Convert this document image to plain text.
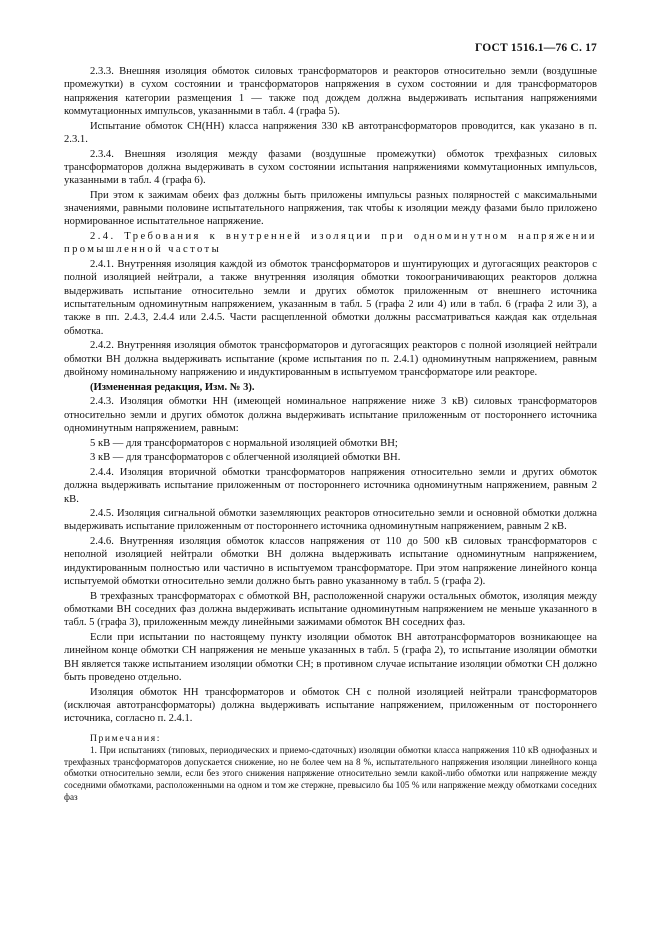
ГОСТ 1516.1—76 С. 17

2.3.3. Внешняя изоляция обмоток силовых трансформаторов и реакторов относительно земли (воздушные промежутки) в сухом состоянии и трансформаторов напряжения в сухом состоянии и для трансформаторов напряжения категории размещения 1 — также под дождем должна выдерживать испытания напряжениями коммутационных импульсов, указанными в табл. 4 (графа 5).

Испытание обмоток СН(НН) класса напряжения 330 кВ автотрансформаторов проводится, как указано в п. 2.3.1.

2.3.4. Внешняя изоляция между фазами (воздушные промежутки) обмоток трехфазных силовых трансформаторов должна выдерживать в сухом состоянии испытания напряжениями коммутационных импульсов, указанными в табл. 4 (графа 6).

При этом к зажимам обеих фаз должны быть приложены импульсы разных полярностей с максимальными значениями, равными половине испытательного напряжения, так чтобы к изоляции между фазами было приложено нормированное испытательное напряжение.

2.4. Требования к внутренней изоляции при одноминутном напряжении промышленной частоты

2.4.1. Внутренняя изоляция каждой из обмоток трансформаторов и шунтирующих и дугогасящих реакторов с полной изоляцией нейтрали, а также внутренняя изоляция обмотки токоограничивающих реакторов должна выдерживать испытание относительно земли и других обмоток приложенным от внешнего источника испытательным одноминутным напряжением, указанным в табл. 5 (графа 2 или 4) или в табл. 6 (графа 2 или 3), а также в пп. 2.4.3, 2.4.4 или 2.4.5. Части расщепленной обмотки должны рассматриваться каждая как отдельная обмотка.

2.4.2. Внутренняя изоляция обмоток трансформаторов и дугогасящих реакторов с полной изоляцией нейтрали обмотки ВН должна выдерживать испытание (кроме испытания по п. 2.4.1) одноминутным напряжением, равным двойному номинальному напряжению и индуктированным в испытуемом трансформаторе или реакторе.

(Измененная редакция, Изм. № 3).

2.4.3. Изоляция обмотки НН (имеющей номинальное напряжение ниже 3 кВ) силовых трансформаторов относительно земли и других обмоток должна выдерживать испытание приложенным от постороннего источника одноминутным напряжением, равным:

5 кВ — для трансформаторов с нормальной изоляцией обмотки ВН;

3 кВ — для трансформаторов с облегченной изоляцией обмотки ВН.

2.4.4. Изоляция вторичной обмотки трансформаторов напряжения относительно земли и других обмоток должна выдерживать испытание приложенным от постороннего источника одноминутным напряжением, равным 2 кВ.

2.4.5. Изоляция сигнальной обмотки заземляющих реакторов относительно земли и основной обмотки должна выдерживать испытание приложенным от постороннего источника одноминутным напряжением, равным 2 кВ.

2.4.6. Внутренняя изоляция обмоток классов напряжения от 110 до 500 кВ силовых трансформаторов с неполной изоляцией нейтрали обмотки ВН должна выдерживать испытание одноминутным напряжением, индуктированным полностью или частично в испытуемом трансформаторе. При этом напряжение линейного конца испытуемой обмотки относительно земли должно быть равно указанному в табл. 5 (графа 2).

В трехфазных трансформаторах с обмоткой ВН, расположенной снаружи остальных обмоток, изоляция между обмотками ВН соседних фаз должна выдерживать испытание одноминутным напряжением не меньше указанного в табл. 5 (графа 3), приложенным между линейными зажимами обмоток ВН соседних фаз.

Если при испытании по настоящему пункту изоляции обмоток ВН автотрансформаторов возникающее на линейном конце обмотки СН напряжения не меньше указанных в табл. 5 (графа 2), то испытание изоляции обмотки ВН является также испытанием изоляции обмотки СН; в противном случае испытание изоляции обмотки СН должно быть проведено отдельно.

Изоляция обмоток НН трансформаторов и обмоток СН с полной изоляцией нейтрали трансформаторов (исключая автотрансформаторы) должна выдерживать испытание напряжением, приложенным от постороннего источника, согласно п. 2.4.1.

Примечания:

1. При испытаниях (типовых, периодических и приемо-сдаточных) изоляции обмотки класса напряжения 110 кВ однофазных и трехфазных трансформаторов допускается снижение, но не более чем на 8 %, испытательного напряжения изоляции линейного конца обмотки относительно земли, если без этого снижения напряжение относительно земли какой-либо обмотки или напряжение между соседними обмотками, расположенными на одном и том же стержне, превысило бы 105 % или напряжение между обмотками соседних фаз
